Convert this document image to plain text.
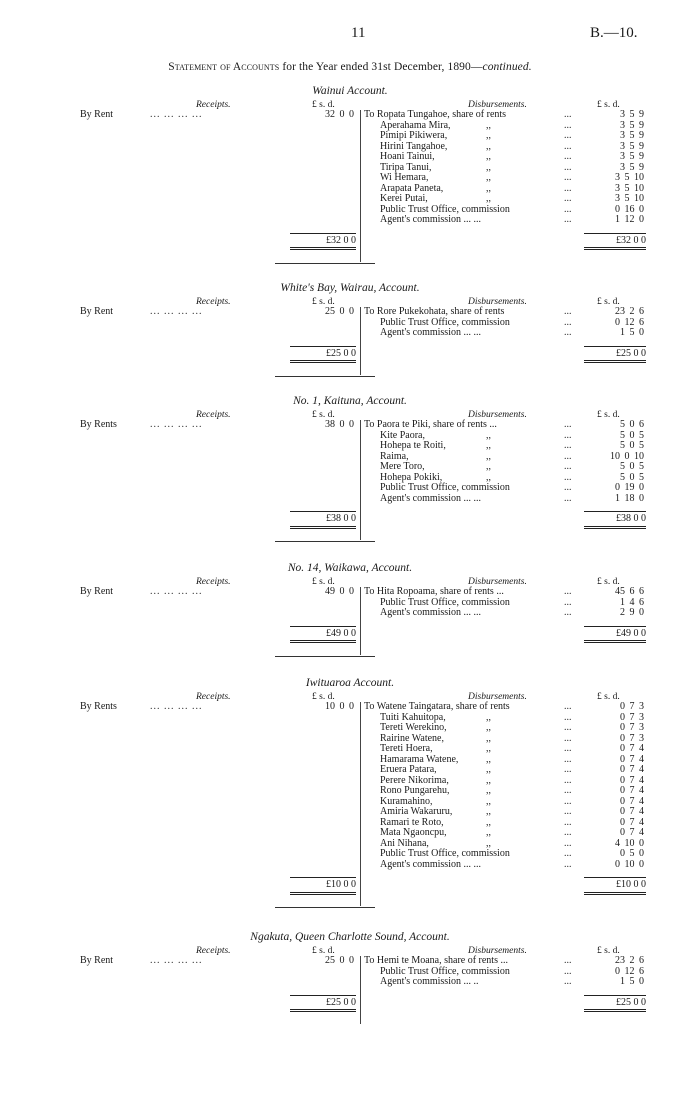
11	B.—10.
Statement of Accounts for the Year ended 31st December, 1890—continued.
Wainui Account.
Receipts.	£ s. d.	Disbursements.	£ s. d.
By Rent	... ... ... ...	32 0 0 To Ropata Tungahoe, share of rents	...	3 5 9
Aperahama Mira,	,,	...	3 5 9
Pimipi Pikiwera,	,,	...	3 5 9
Hirini Tangahoe,	,,	...	3 5 9
Hoani Tainui,	,,	...	3 5 9
Tiripa Tanui,	,,	...	3 5 9
Wi Hemara,	,,	...	3 5 10
Arapata Paneta,	,,	...	3 5 10
Kerei Putai,	,,	...	3 5 10
Public Trust Office, commission	...	0 16 0
Agent's commission ... ...	...	1 12 0
£32 0 0	£32 0 0
White's Bay, Wairau, Account.
Receipts.	£ s. d.	Disbursements.	£ s. d.
By Rent	... ... ... ...	25 0 0 To Rore Pukekohata, share of rents	...	23 2 6
Public Trust Office, commission	...	0 12 6
Agent's commission ... ...	...	1 5 0
£25 0 0	£25 0 0
No. 1, Kaituna, Account.
Receipts.	£ s. d.	Disbursements.	£ s. d.
By Rents	... ... ... ...	38 0 0 To Paora te Piki, share of rents ...	...	5 0 6
Kite Paora,	,,	...	5 0 5
Hohepa te Roiti,	,,	...	5 0 5
Raima,	,,	...	10 0 10
Mere Toro,	,,	...	5 0 5
Hohepa Pokiki,	,,	...	5 0 5
Public Trust Office, commission	...	0 19 0
Agent's commission ... ...	...	1 18 0
£38 0 0	£38 0 0
No. 14, Waikawa, Account.
Receipts.	£ s. d.	Disbursements.	£ s. d.
By Rent	... ... ... ...	49 0 0 To Hita Ropoama, share of rents ...	...	45 6 6
Public Trust Office, commission	...	1 4 6
Agent's commission ... ...	...	2 9 0
£49 0 0	£49 0 0
Iwituaroa Account.
Receipts.	£ s. d.	Disbursements.	£ s. d.
By Rents	... ... ... ...	10 0 0 To Watene Taingatara, share of rents	...	0 7 3
Tuiti Kahuitopa,	,,	...	0 7 3
Tereti Werekino,	,,	...	0 7 3
Rairine Watene,	,,	...	0 7 3
Tereti Hoera,	,,	...	0 7 4
Hamarama Watene,	,,	...	0 7 4
Eruera Patara,	,,	...	0 7 4
Perere Nikorima,	,,	...	0 7 4
Rono Pungarehu,	,,	...	0 7 4
Kuramahino,	,,	...	0 7 4
Amiria Wakaruru,	,,	...	0 7 4
Ramari te Roto,	,,	...	0 7 4
Mata Ngaoncpu,	,,	...	0 7 4
Ani Nihana,	,,	...	4 10 0
Public Trust Office, commission	...	0 5 0
Agent's commission ... ...	...	0 10 0
£10 0 0	£10 0 0
Ngakuta, Queen Charlotte Sound, Account.
Receipts.	£ s. d.	Disbursements.	£ s. d.
By Rent	... ... ... ...	25 0 0 To Hemi te Moana, share of rents ...	...	23 2 6
Public Trust Office, commission	...	0 12 6
Agent's commission ... ..	...	1 5 0
£25 0 0	£25 0 0
